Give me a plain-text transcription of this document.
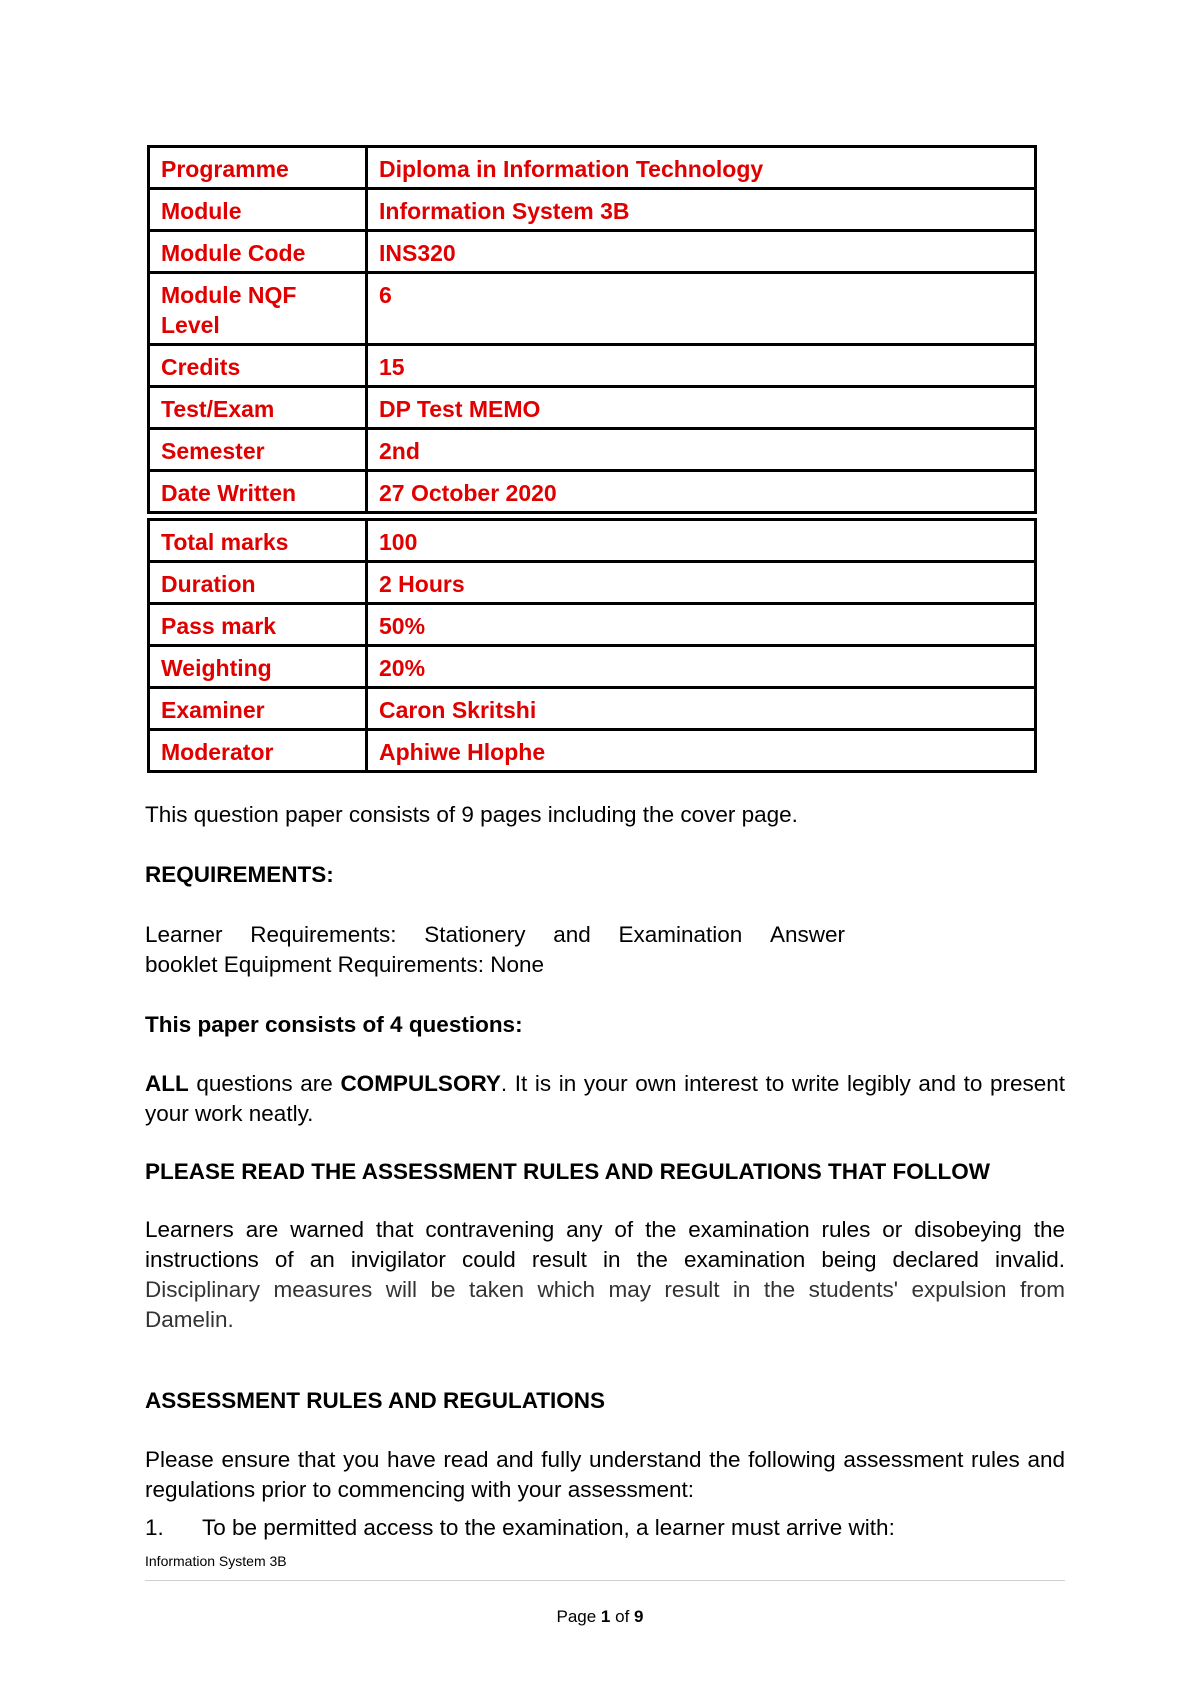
Programme	Diploma in Information Technology
Module	Information System 3B
Module Code	INS320
Module NQF Level	6
Credits	15
Test/Exam	DP Test MEMO
Semester	2nd
Date Written	27 October 2020
Total marks	100
Duration	2 Hours
Pass mark	50%
Weighting	20%
Examiner	Caron Skritshi
Moderator	Aphiwe Hlophe

This question paper consists of 9 pages including the cover page.

REQUIREMENTS:

Learner Requirements: Stationery and Examination Answer
booklet Equipment Requirements: None

This paper consists of 4 questions:

ALL questions are COMPULSORY. It is in your own interest to write legibly and to present your work neatly.

PLEASE READ THE ASSESSMENT RULES AND REGULATIONS THAT FOLLOW

Learners are warned that contravening any of the examination rules or disobeying the instructions of an invigilator could result in the examination being declared invalid. Disciplinary measures will be taken which may result in the students' expulsion from Damelin.

ASSESSMENT RULES AND REGULATIONS

Please ensure that you have read and fully understand the following assessment rules and regulations prior to commencing with your assessment:

1. To be permitted access to the examination, a learner must arrive with:
Information System 3B
Page 1 of 9
